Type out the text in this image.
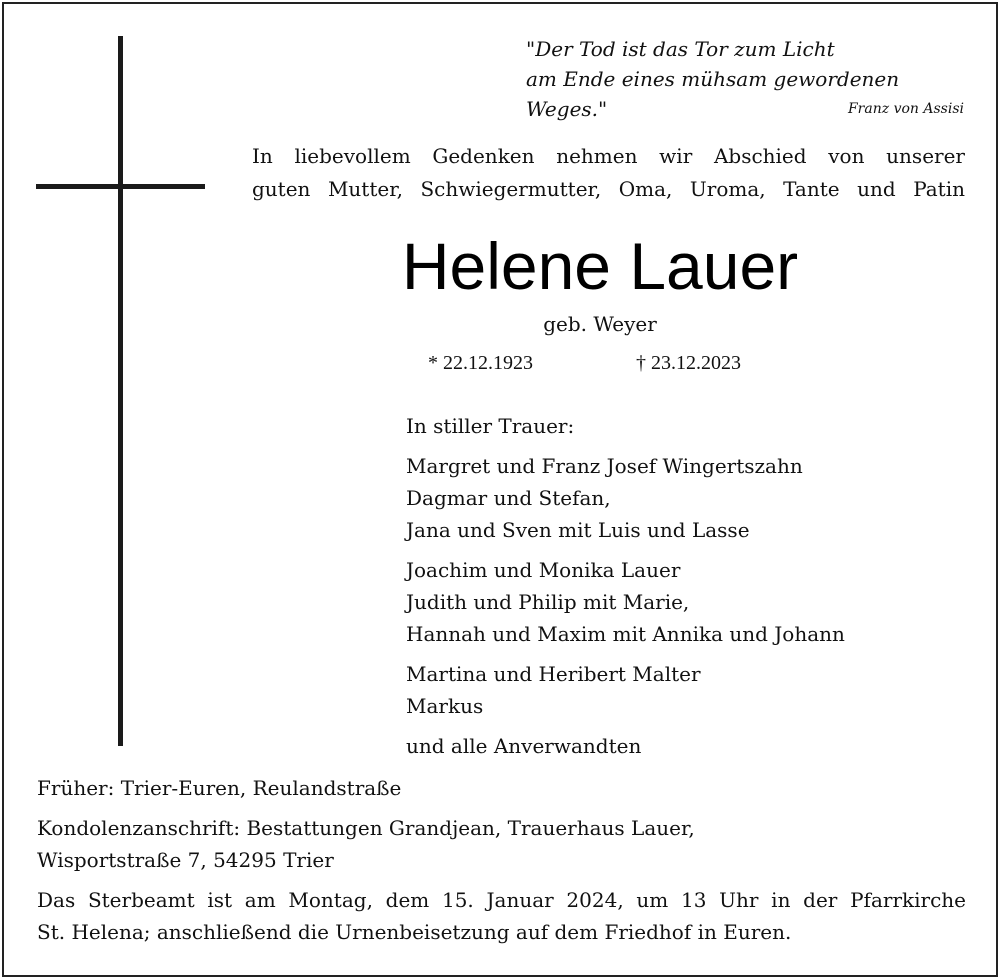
"Der Tod ist das Tor zum Licht
am Ende eines mühsam gewordenen Weges."	Franz von Assisi
In liebevollem Gedenken nehmen wir Abschied von unserer
guten Mutter, Schwiegermutter, Oma, Uroma, Tante und Patin
Helene Lauer
geb. Weyer
* 22.12.1923	† 23.12.2023
In stiller Trauer:
Margret und Franz Josef Wingertszahn
Dagmar und Stefan,
Jana und Sven mit Luis und Lasse
Joachim und Monika Lauer
Judith und Philip mit Marie,
Hannah und Maxim mit Annika und Johann
Martina und Heribert Malter
Markus
und alle Anverwandten
Früher: Trier-Euren, Reulandstraße
Kondolenzanschrift: Bestattungen Grandjean, Trauerhaus Lauer,
Wisportstraße 7, 54295 Trier
Das Sterbeamt ist am Montag, dem 15. Januar 2024, um 13 Uhr in der Pfarrkirche
St. Helena; anschließend die Urnenbeisetzung auf dem Friedhof in Euren.
